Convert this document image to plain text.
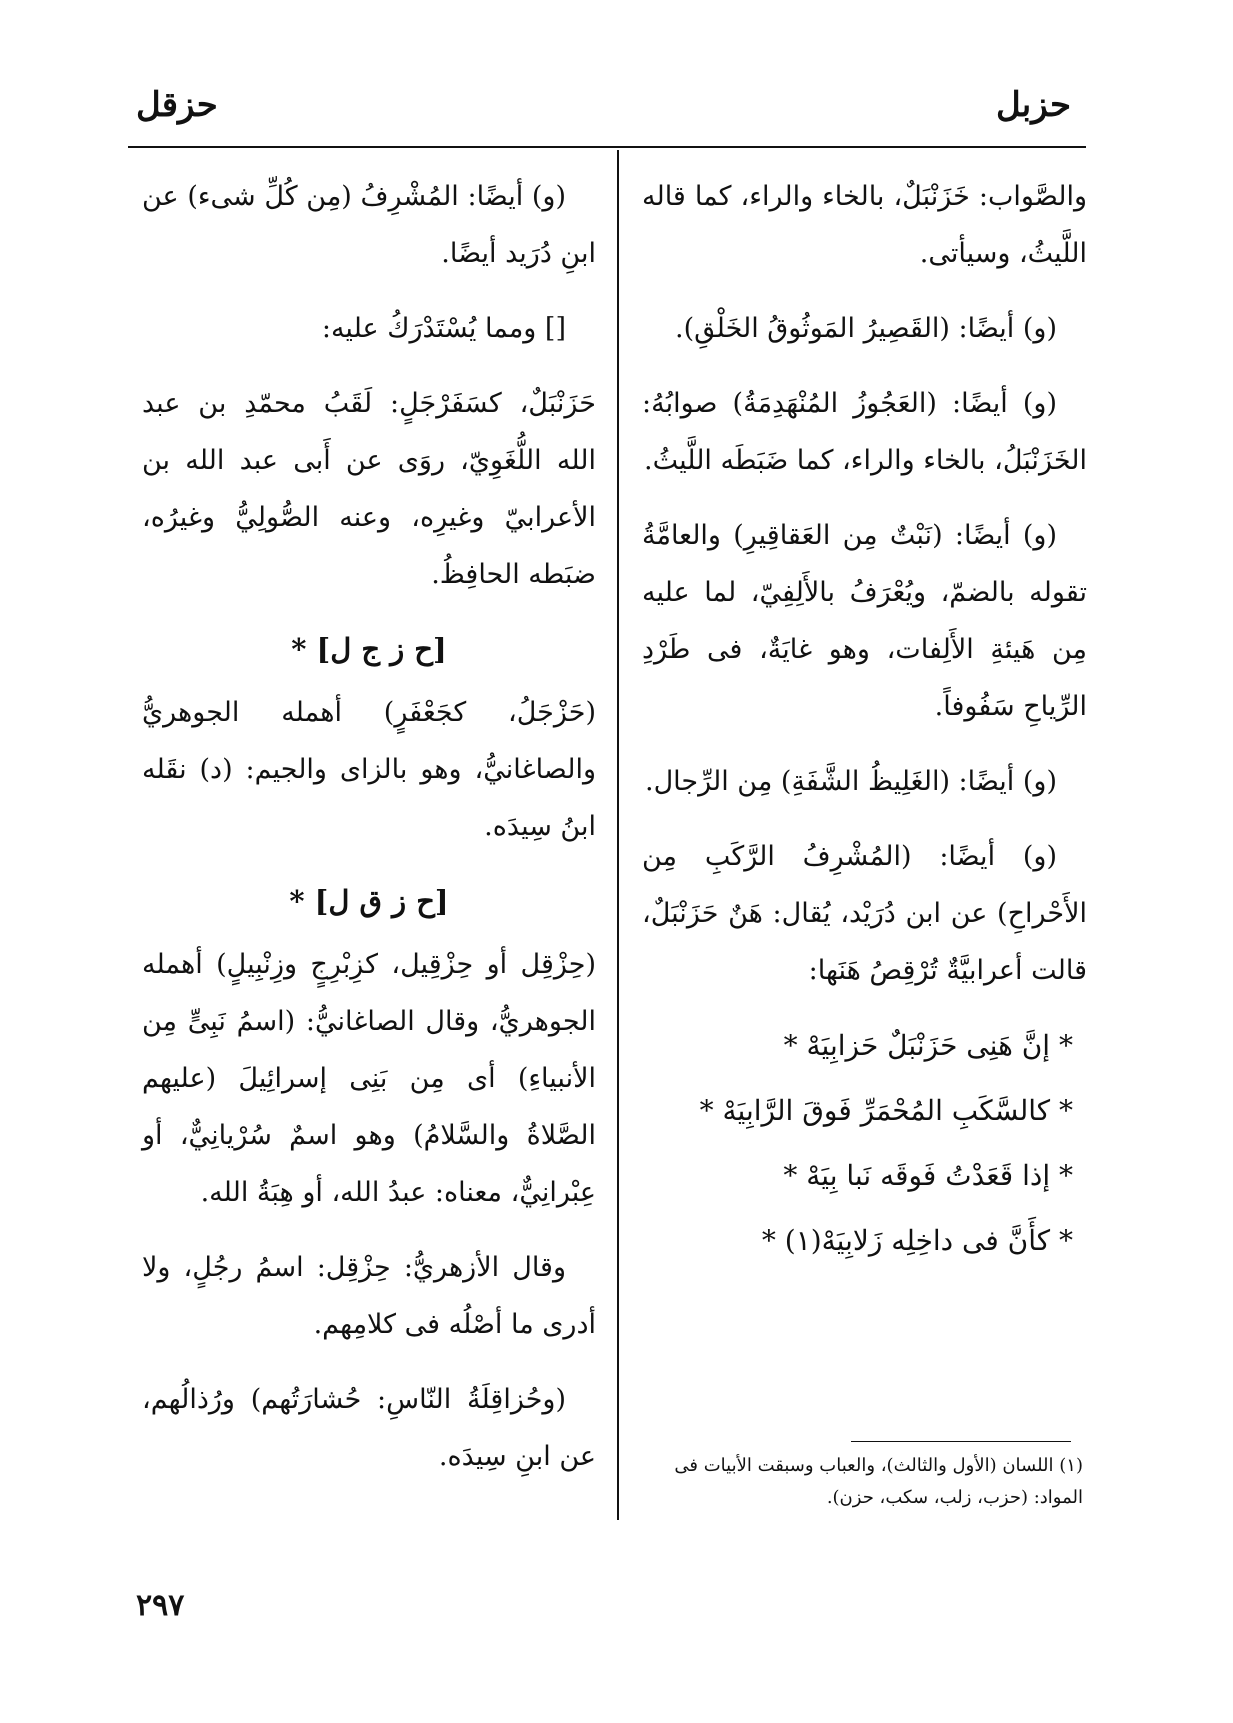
حزبل
حزقل

والصَّواب: خَزَنْبَلٌ، بالخاء والراء، كما قاله اللَّيثُ، وسيأتى.

(و) أيضًا: (القَصِيرُ المَوثُوقُ الخَلْقِ).

(و) أيضًا: (العَجُوزُ المُنْهَدِمَةُ) صوابُهُ: الخَزَنْبَلُ، بالخاء والراء، كما ضَبَطَه اللَّيثُ.

(و) أيضًا: (نَبْتٌ مِن العَقاقِيرِ) والعامَّةُ تقوله بالضمّ، ويُعْرَفُ بالأَلِفِيّ، لما عليه مِن هَيئةِ الأَلِفات، وهو غايَةٌ، فى طَرْدِ الرِّياحِ سَفُوفاً.

(و) أيضًا: (الغَلِيظُ الشَّفَةِ) مِن الرِّجال.

(و) أيضًا: (المُشْرِفُ الرَّكَبِ مِن الأَحْراحِ) عن ابن دُرَيْد، يُقال: هَنٌ حَزَنْبَلٌ، قالت أعرابيَّةٌ تُرْقِصُ هَنَها:

* إنَّ هَنِى حَزَنْبَلٌ حَزابِيَهْ *
* كالسَّكَبِ المُحْمَرِّ فَوقَ الرَّابِيَهْ *
* إذا قَعَدْتُ فَوقَه نَبا بِيَهْ *
* كأَنَّ فى داخِلِه زَلابِيَهْ(١) *

(و) أيضًا: المُشْرِفُ (مِن كُلِّ شىء) عن ابنِ دُرَيد أيضًا.

[] ومما يُسْتَدْرَكُ عليه:

حَزَنْبَلٌ، كسَفَرْجَلٍ: لَقَبُ محمّدِ بن عبد الله اللُّغَوِيّ، روَى عن أَبى عبد الله بن الأعرابيّ وغيرِه، وعنه الصُّولِيُّ وغيرُه، ضبَطه الحافِظُ.

[ح ز ج ل] *

(حَزْجَلُ، كجَعْفَرٍ) أهمله الجوهريُّ والصاغانيُّ، وهو بالزاى والجيم: (د) نقَله ابنُ سِيدَه.

[ح ز ق ل] *

(حِزْقِل أو حِزْقِيل، كزِبْرِجٍ وزِنْبِيلٍ) أهمله الجوهريُّ، وقال الصاغانيُّ: (اسمُ نَبِىٍّ مِن الأنبياءِ) أى مِن بَنِى إسرائِيلَ (عليهم الصَّلاةُ والسَّلامُ) وهو اسمٌ سُرْيانِيٌّ، أو عِبْرانِيٌّ، معناه: عبدُ الله، أو هِبَةُ الله.

وقال الأزهريُّ: حِزْقِل: اسمُ رجُلٍ، ولا أدرى ما أصْلُه فى كلامِهم.

(وحُزاقِلَةُ النّاسِ: حُشارَتُهم) ورُذالُهم، عن ابنِ سِيدَه.	(١) اللسان (الأول والثالث)، والعباب وسبقت الأبيات فى المواد: (حزب، زلب، سكب، حزن).
٢٩٧
